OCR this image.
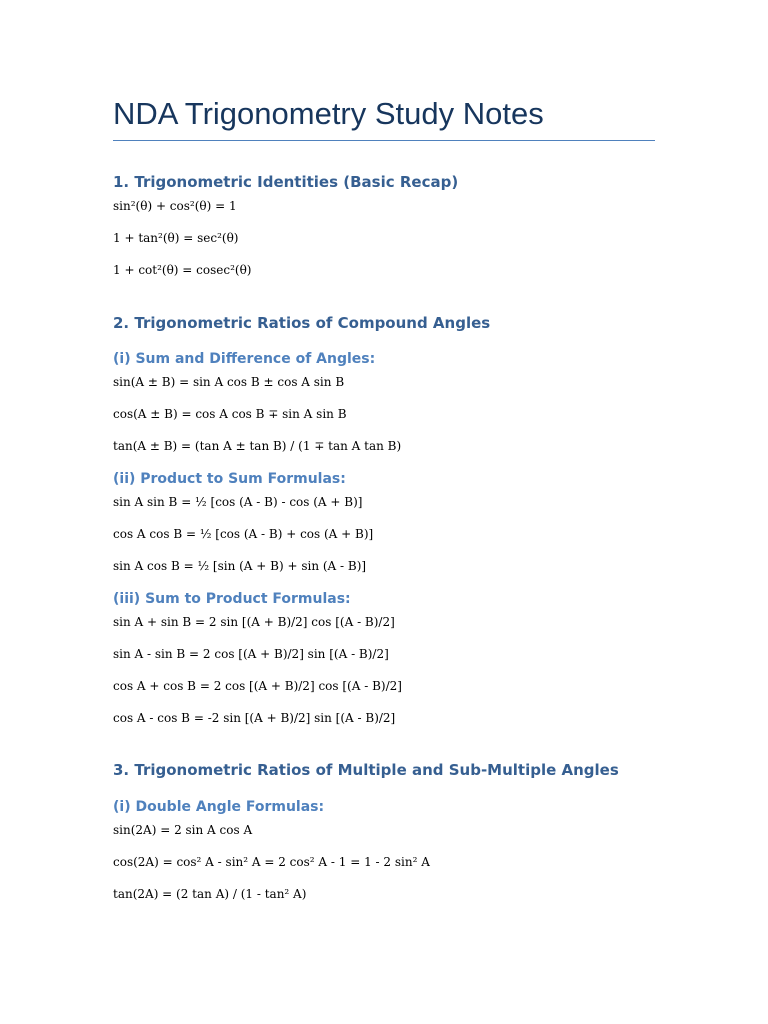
NDA Trigonometry Study Notes
1. Trigonometric Identities (Basic Recap)

sin²(θ) + cos²(θ) = 1

1 + tan²(θ) = sec²(θ)

1 + cot²(θ) = cosec²(θ)

2. Trigonometric Ratios of Compound Angles
(i) Sum and Difference of Angles:

sin(A ± B) = sin A cos B ± cos A sin B

cos(A ± B) = cos A cos B ∓ sin A sin B

tan(A ± B) = (tan A ± tan B) / (1 ∓ tan A tan B)

(ii) Product to Sum Formulas:

sin A sin B = ½ [cos (A - B) - cos (A + B)]

cos A cos B = ½ [cos (A - B) + cos (A + B)]

sin A cos B = ½ [sin (A + B) + sin (A - B)]

(iii) Sum to Product Formulas:

sin A + sin B = 2 sin [(A + B)/2] cos [(A - B)/2]

sin A - sin B = 2 cos [(A + B)/2] sin [(A - B)/2]

cos A + cos B = 2 cos [(A + B)/2] cos [(A - B)/2]

cos A - cos B = -2 sin [(A + B)/2] sin [(A - B)/2]

3. Trigonometric Ratios of Multiple and Sub-Multiple Angles
(i) Double Angle Formulas:

sin(2A) = 2 sin A cos A

cos(2A) = cos² A - sin² A = 2 cos² A - 1 = 1 - 2 sin² A

tan(2A) = (2 tan A) / (1 - tan² A)
